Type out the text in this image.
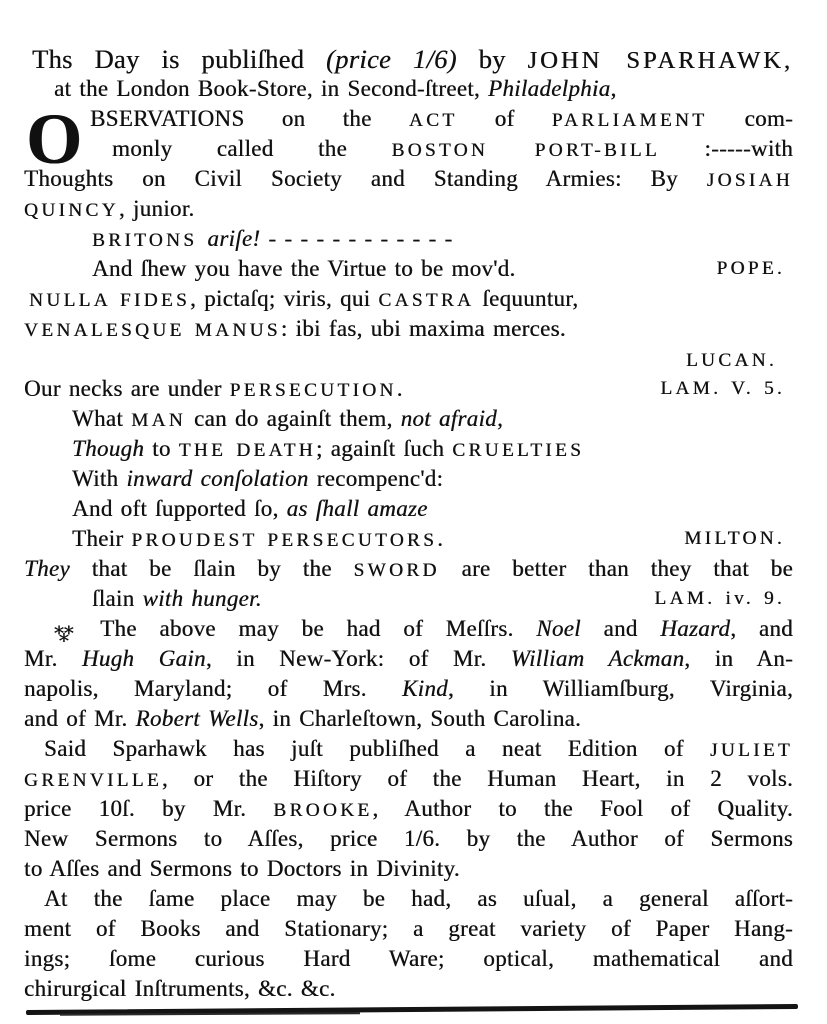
O
Ths Day is publiſhed (price 1/6) by JOHN SPARHAWK,
at the London Book-Store, in Second-ſtreet, Philadelphia,
BSERVATIONS on the ACT of PARLIAMENT com-
monly called the BOSTON PORT-BILL :-----with
Thoughts on Civil Society and Standing Armies: By JOSIAH
QUINCY, junior.
BRITONS ariſe! - - - - - - - - - - - -
POPE.
And ſhew you have the Virtue to be mov'd.
NULLA FIDES, pictaſq; viris, qui CASTRA ſequuntur,
VENALESQUE MANUS: ibi fas, ubi maxima merces.
LUCAN.
LAM. V. 5.
Our necks are under PERSECUTION.
What MAN can do againſt them, not afraid,
Though to THE DEATH; againſt ſuch CRUELTIES
With inward conſolation recompenc'd:
And oft ſupported ſo, as ſhall amaze
MILTON.
Their PROUDEST PERSECUTORS.
They that be ſlain by the SWORD are better than they that be
LAM. iv. 9.
ſlain with hunger.
⁂ The above may be had of Meſſrs. Noel and Hazard, and
Mr. Hugh Gain, in New-York: of Mr. William Ackman, in An-
napolis, Maryland; of Mrs. Kind, in Williamſburg, Virginia,
and of Mr. Robert Wells, in Charleſtown, South Carolina.
Said Sparhawk has juſt publiſhed a neat Edition of JULIET
GRENVILLE, or the Hiſtory of the Human Heart, in 2 vols.
price 10ſ. by Mr. BROOKE, Author to the Fool of Quality.
New Sermons to Aſſes, price 1/6. by the Author of Sermons
to Aſſes and Sermons to Doctors in Divinity.
At the ſame place may be had, as uſual, a general aſſort-
ment of Books and Stationary; a great variety of Paper Hang-
ings; ſome curious Hard Ware; optical, mathematical and
chirurgical Inſtruments, &c. &c.
